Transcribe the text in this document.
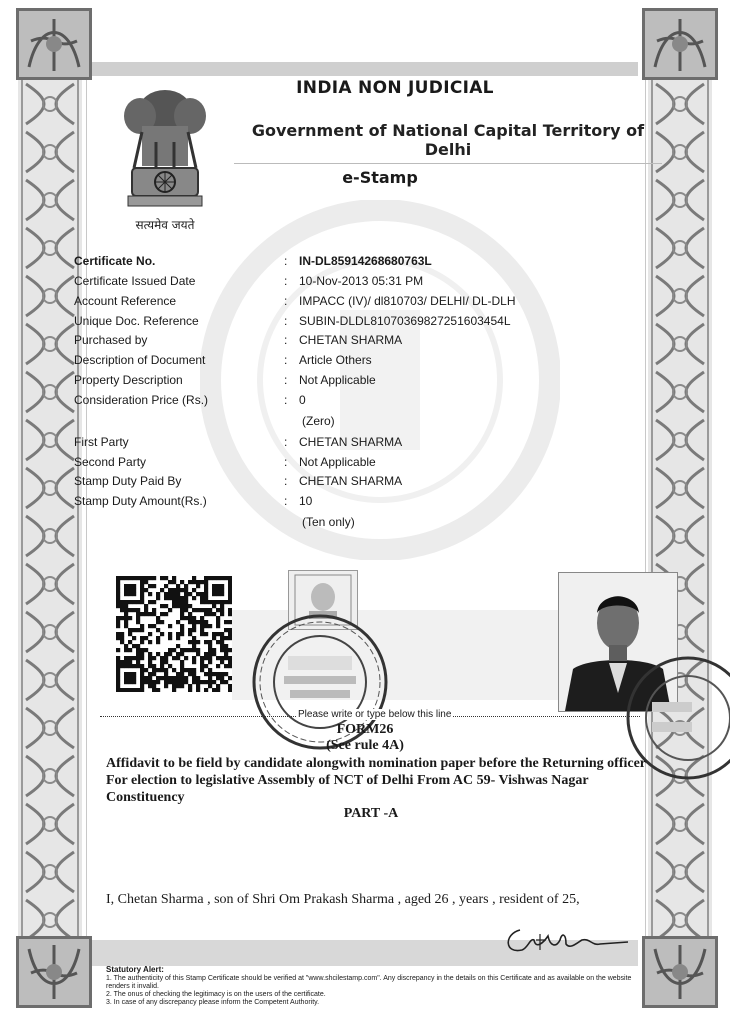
सत्यमेव जयते
INDIA NON JUDICIAL
Government of National Capital Territory of Delhi
e-Stamp
Certificate No.	: IN-DL85914268680763L
Certificate Issued Date	: 10-Nov-2013 05:31 PM
Account Reference	: IMPACC (IV)/ dl810703/ DELHI/ DL-DLH
Unique Doc. Reference	: SUBIN-DLDL81070369827251603454L
Purchased by	: CHETAN SHARMA
Description of Document	: Article Others
Property Description	: Not Applicable
Consideration Price (Rs.)	: 0
(Zero)
First Party	: CHETAN SHARMA
Second Party	: Not Applicable
Stamp Duty Paid By	: CHETAN SHARMA
Stamp Duty Amount(Rs.)	: 10
(Ten only)
Please write or type below this line
FORM26
(See rule 4A)
Affidavit to be field by candidate alongwith nomination paper before the Returning officer For election to legislative Assembly of NCT of Delhi From AC 59- Vishwas Nagar Constituency
PART -A
I, Chetan Sharma , son of Shri Om Prakash Sharma , aged 26 , years , resident of 25,
Statutory Alert:
1. The authenticity of this Stamp Certificate should be verified at "www.shcilestamp.com". Any discrepancy in the details on this Certificate and as available on the website renders it invalid.
2. The onus of checking the legitimacy is on the users of the certificate.
3. In case of any discrepancy please inform the Competent Authority.
